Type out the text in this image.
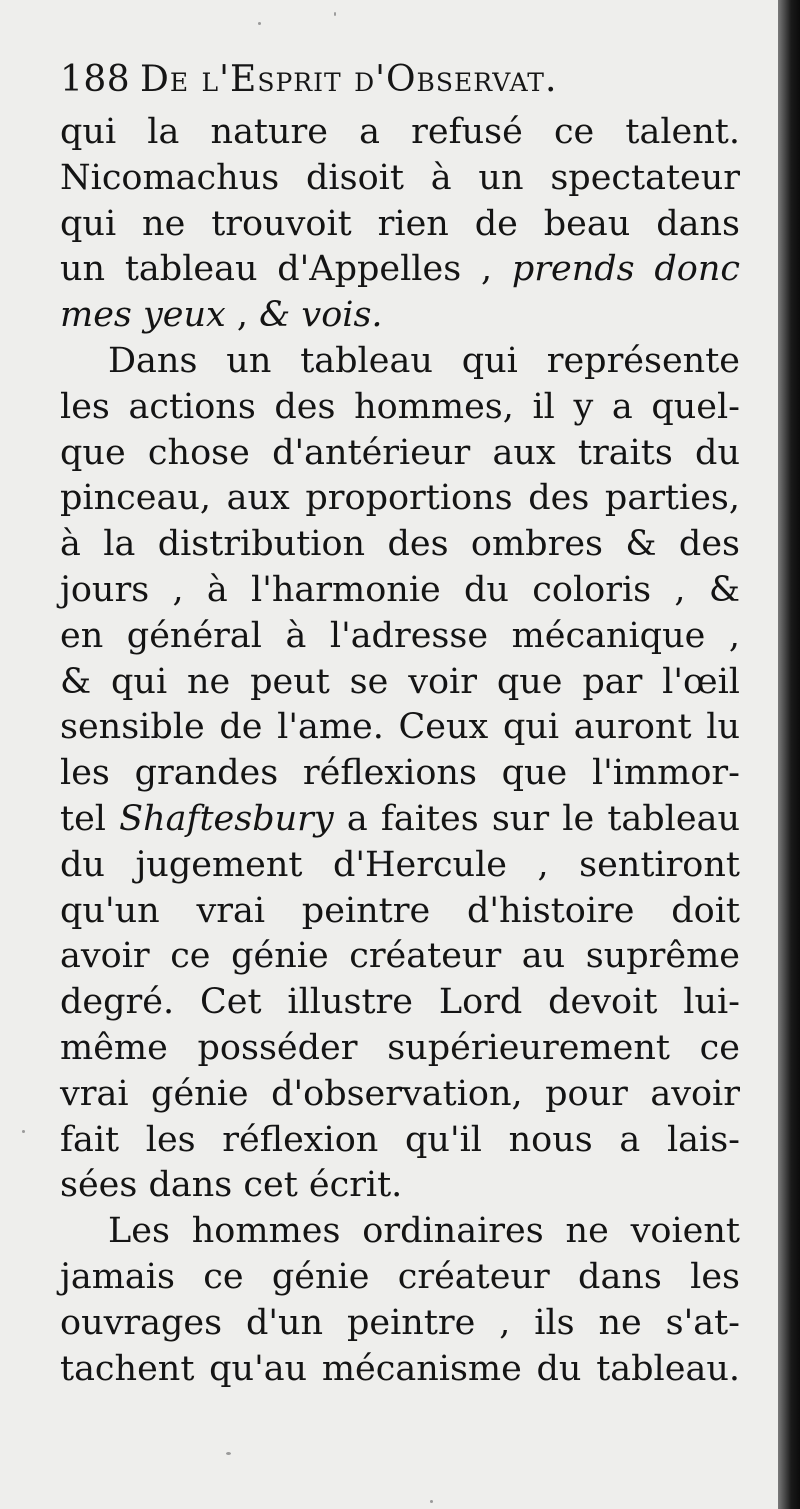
188 De l'Esprit d'Observat.
qui la nature a refusé ce talent.
Nicomachus disoit à un spectateur
qui ne trouvoit rien de beau dans
un tableau d'Appelles , prends donc
mes yeux , & vois.
Dans un tableau qui représente
les actions des hommes, il y a quel-
que chose d'antérieur aux traits du
pinceau, aux proportions des parties,
à la distribution des ombres & des
jours , à l'harmonie du coloris , &
en général à l'adresse mécanique ,
& qui ne peut se voir que par l'œil
sensible de l'ame. Ceux qui auront lu
les grandes réflexions que l'immor-
tel Shaftesbury a faites sur le tableau
du jugement d'Hercule , sentiront
qu'un vrai peintre d'histoire doit
avoir ce génie créateur au suprême
degré. Cet illustre Lord devoit lui-
même posséder supérieurement ce
vrai génie d'observation, pour avoir
fait les réflexion qu'il nous a lais-
sées dans cet écrit.
Les hommes ordinaires ne voient
jamais ce génie créateur dans les
ouvrages d'un peintre , ils ne s'at-
tachent qu'au mécanisme du tableau.
